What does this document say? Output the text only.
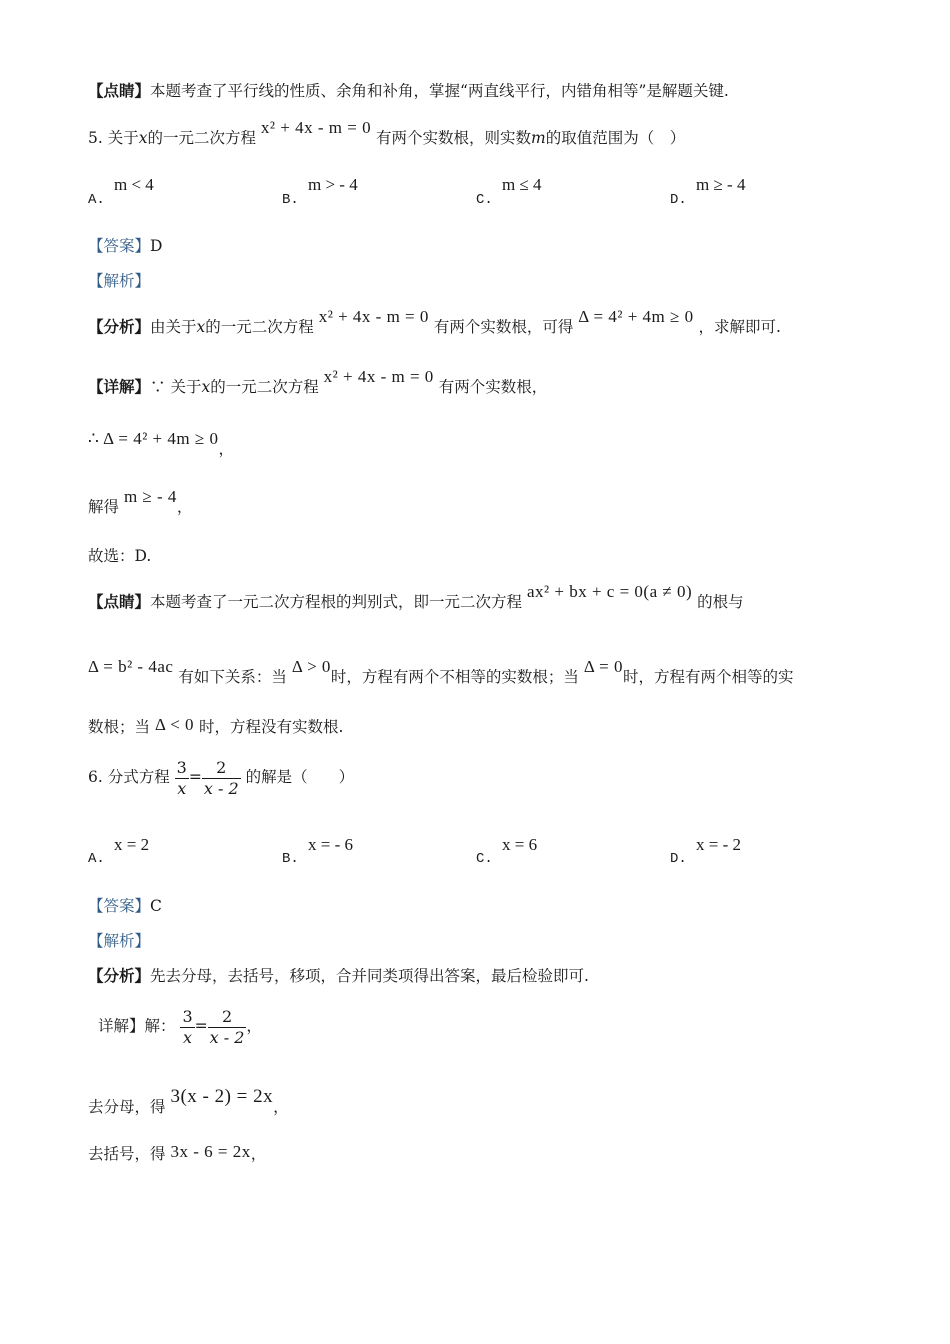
【点睛】本题考查了平行线的性质、余角和补角，掌握“两直线平行，内错角相等”是解题关键.
5. 关于x的一元二次方程 x² + 4x - m = 0 有两个实数根，则实数m的取值范围为（　）
A.
m < 4
B.
m > - 4
C.
m ≤ 4
D.
m ≥ - 4
【答案】D
【解析】
【分析】由关于x的一元二次方程 x² + 4x - m = 0 有两个实数根，可得 Δ = 4² + 4m ≥ 0 ，求解即可.
【详解】∵ 关于x的一元二次方程 x² + 4x - m = 0 有两个实数根，
∴ Δ = 4² + 4m ≥ 0，
解得 m ≥ - 4，
故选：D.
【点睛】本题考查了一元二次方程根的判别式，即一元二次方程 ax² + bx + c = 0(a ≠ 0) 的根与
Δ = b² - 4ac 有如下关系：当 Δ > 0时，方程有两个不相等的实数根；当 Δ = 0时，方程有两个相等的实
数根；当 Δ < 0 时，方程没有实数根.
6. 分式方程 $\frac{3}{x} = \frac{2}{x - 2}$ 的解是（　　）
A.
x = 2
B.
x = - 6
C.
x = 6
D.
x = - 2
【答案】C
【解析】
【分析】先去分母，去括号，移项，合并同类项得出答案，最后检验即可.
详解】解： $\frac{3}{x} = \frac{2}{x - 2}$ ，
去分母，得 3(x - 2) = 2x，
去括号，得 3x - 6 = 2x，
